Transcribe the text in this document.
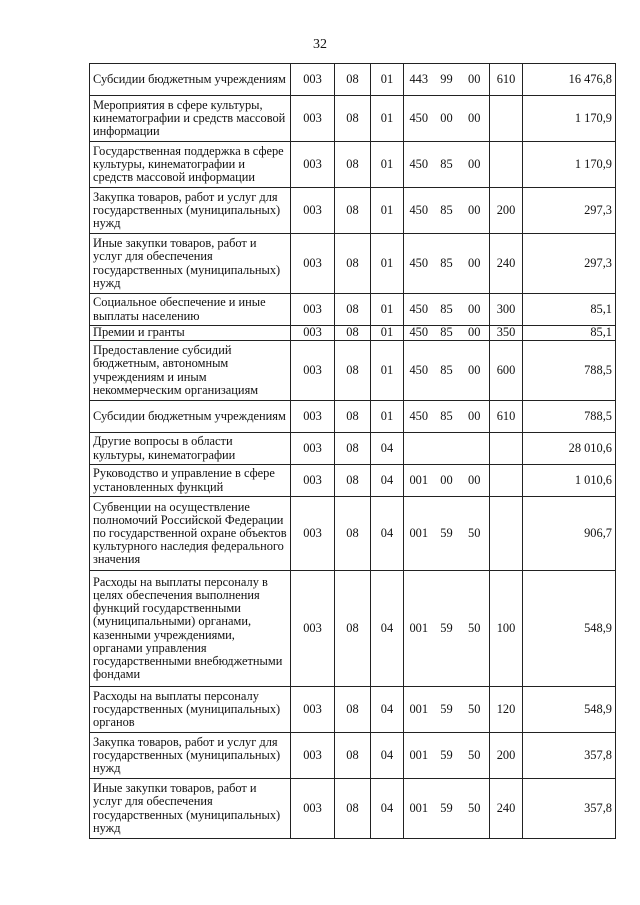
32
Субсидии бюджетным учреждениям	003	08	01	443	99	00	610	16 476,8
Мероприятия в сфере культуры, кинематографии и средств массовой информации	003	08	01	450	00	00		1 170,9
Государственная поддержка в сфере культуры, кинематографии и средств массовой информации	003	08	01	450	85	00		1 170,9
Закупка товаров, работ и услуг для государственных (муниципальных) нужд	003	08	01	450	85	00	200	297,3
Иные закупки товаров, работ и услуг для обеспечения государственных (муниципальных) нужд	003	08	01	450	85	00	240	297,3
Социальное обеспечение и иные выплаты населению	003	08	01	450	85	00	300	85,1
Премии и гранты	003	08	01	450	85	00	350	85,1
Предоставление субсидий бюджетным, автономным учреждениям и иным некоммерческим организациям	003	08	01	450	85	00	600	788,5
Субсидии бюджетным учреждениям	003	08	01	450	85	00	610	788,5
Другие вопросы в области культуры, кинематографии	003	08	04					28 010,6
Руководство и управление в сфере установленных функций	003	08	04	001	00	00		1 010,6
Субвенции на осуществление полномочий Российской Федерации по государственной охране объектов культурного наследия федерального значения	003	08	04	001	59	50		906,7
Расходы на выплаты персоналу в целях обеспечения выполнения функций государственными (муниципальными) органами, казенными учреждениями, органами управления государственными внебюджетными фондами	003	08	04	001	59	50	100	548,9
Расходы на выплаты персоналу государственных (муниципальных) органов	003	08	04	001	59	50	120	548,9
Закупка товаров, работ и услуг для государственных (муниципальных) нужд	003	08	04	001	59	50	200	357,8
Иные закупки товаров, работ и услуг для обеспечения государственных (муниципальных) нужд	003	08	04	001	59	50	240	357,8
